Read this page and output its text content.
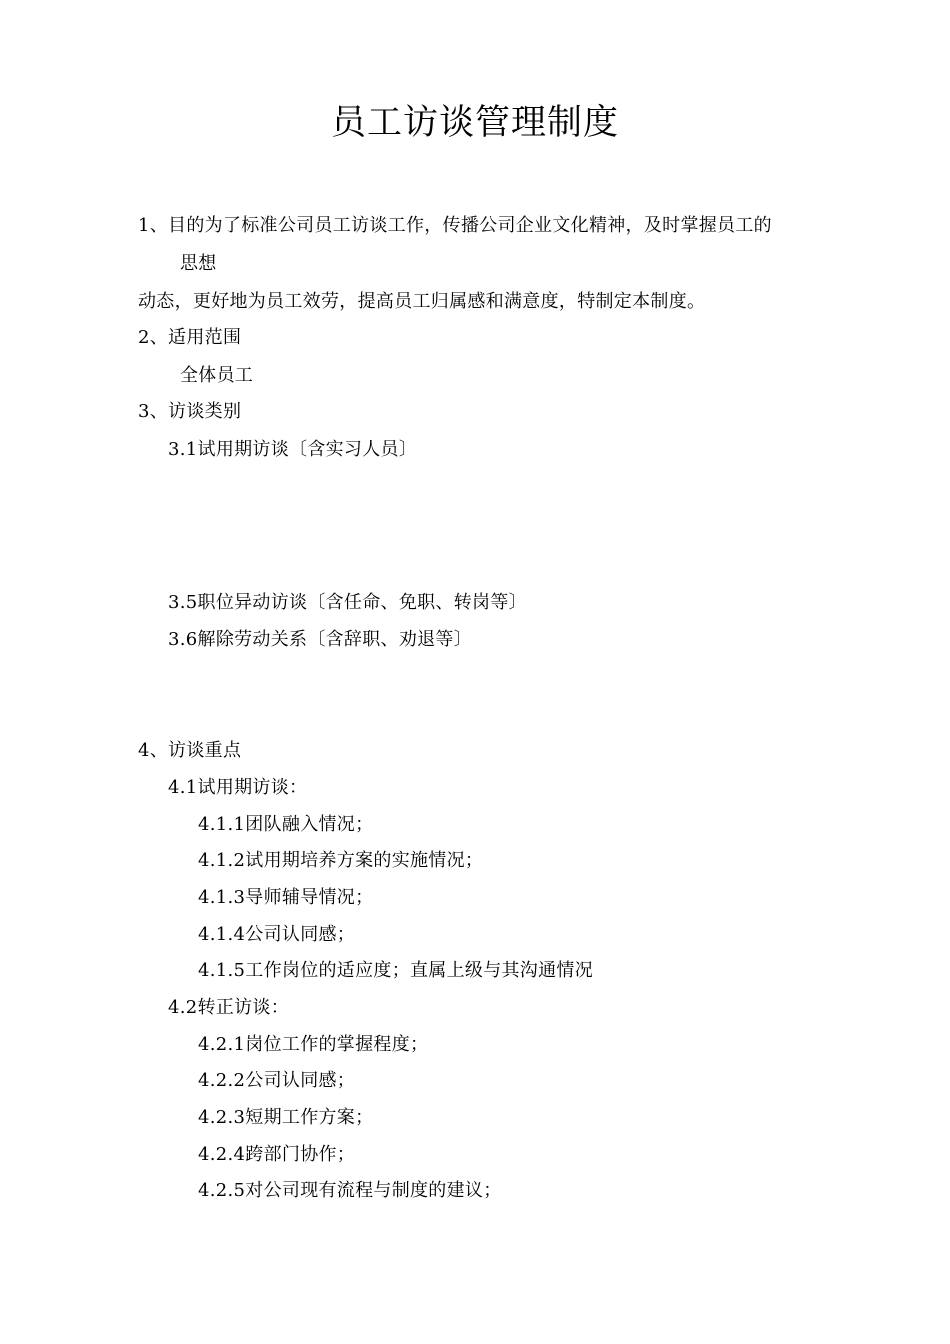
员工访谈管理制度
1、目的为了标准公司员工访谈工作，传播公司企业文化精神，及时掌握员工的
思想
动态，更好地为员工效劳，提高员工归属感和满意度，特制定本制度。
2、适用范围
全体员工
3、访谈类别
3.1试用期访谈〔含实习人员〕
3.5职位异动访谈〔含任命、免职、转岗等〕
3.6解除劳动关系〔含辞职、劝退等〕
4、访谈重点
4.1试用期访谈：
4.1.1团队融入情况；
4.1.2试用期培养方案的实施情况；
4.1.3导师辅导情况；
4.1.4公司认同感；
4.1.5工作岗位的适应度；直属上级与其沟通情况
4.2转正访谈：
4.2.1岗位工作的掌握程度；
4.2.2公司认同感；
4.2.3短期工作方案；
4.2.4跨部门协作；
4.2.5对公司现有流程与制度的建议；
